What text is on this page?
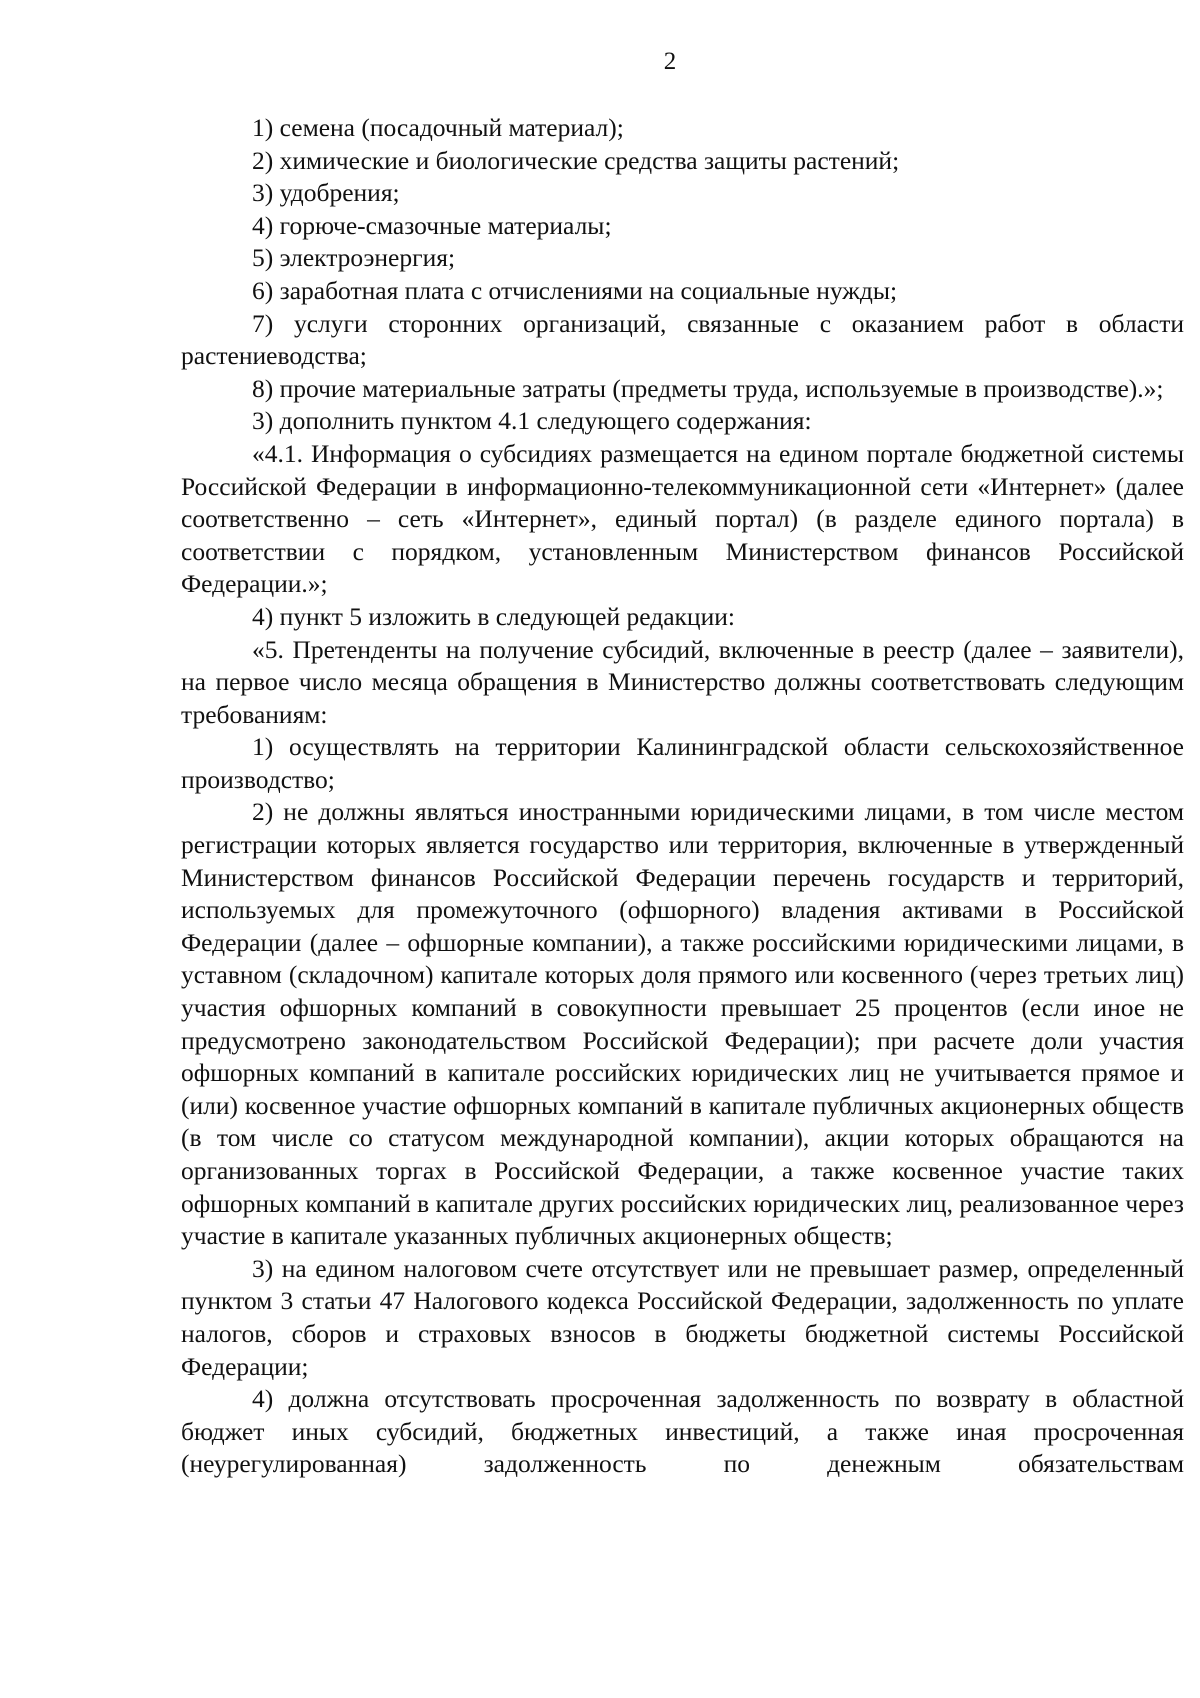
2

1) семена (посадочный материал);

2) химические и биологические средства защиты растений;

3) удобрения;

4) горюче-смазочные материалы;

5) электроэнергия;

6) заработная плата с отчислениями на социальные нужды;

7) услуги сторонних организаций, связанные с оказанием работ в области растениеводства;

8) прочие материальные затраты (предметы труда, используемые в производстве).»;

3) дополнить пунктом 4.1 следующего содержания:

«4.1. Информация о субсидиях размещается на едином портале бюджетной системы Российской Федерации в информационно-телекоммуникационной сети «Интернет» (далее соответственно – сеть «Интернет», единый портал) (в разделе единого портала) в соответствии с порядком, установленным Министерством финансов Российской Федерации.»;

4) пункт 5 изложить в следующей редакции:

«5. Претенденты на получение субсидий, включенные в реестр (далее – заявители), на первое число месяца обращения в Министерство должны соответствовать следующим требованиям:

1) осуществлять на территории Калининградской области сельскохозяйственное производство;

2) не должны являться иностранными юридическими лицами, в том числе местом регистрации которых является государство или территория, включенные в утвержденный Министерством финансов Российской Федерации перечень государств и территорий, используемых для промежуточного (офшорного) владения активами в Российской Федерации (далее – офшорные компании), а также российскими юридическими лицами, в уставном (складочном) капитале которых доля прямого или косвенного (через третьих лиц) участия офшорных компаний в совокупности превышает 25 процентов (если иное не предусмотрено законодательством Российской Федерации); при расчете доли участия офшорных компаний в капитале российских юридических лиц не учитывается прямое и (или) косвенное участие офшорных компаний в капитале публичных акционерных обществ (в том числе со статусом международной компании), акции которых обращаются на организованных торгах в Российской Федерации, а также косвенное участие таких офшорных компаний в капитале других российских юридических лиц, реализованное через участие в капитале указанных публичных акционерных обществ;

3) на едином налоговом счете отсутствует или не превышает размер, определенный пунктом 3 статьи 47 Налогового кодекса Российской Федерации, задолженность по уплате налогов, сборов и страховых взносов в бюджеты бюджетной системы Российской Федерации;

4) должна отсутствовать просроченная задолженность по возврату в областной бюджет иных субсидий, бюджетных инвестиций, а также иная просроченная (неурегулированная) задолженность по денежным обязательствам
